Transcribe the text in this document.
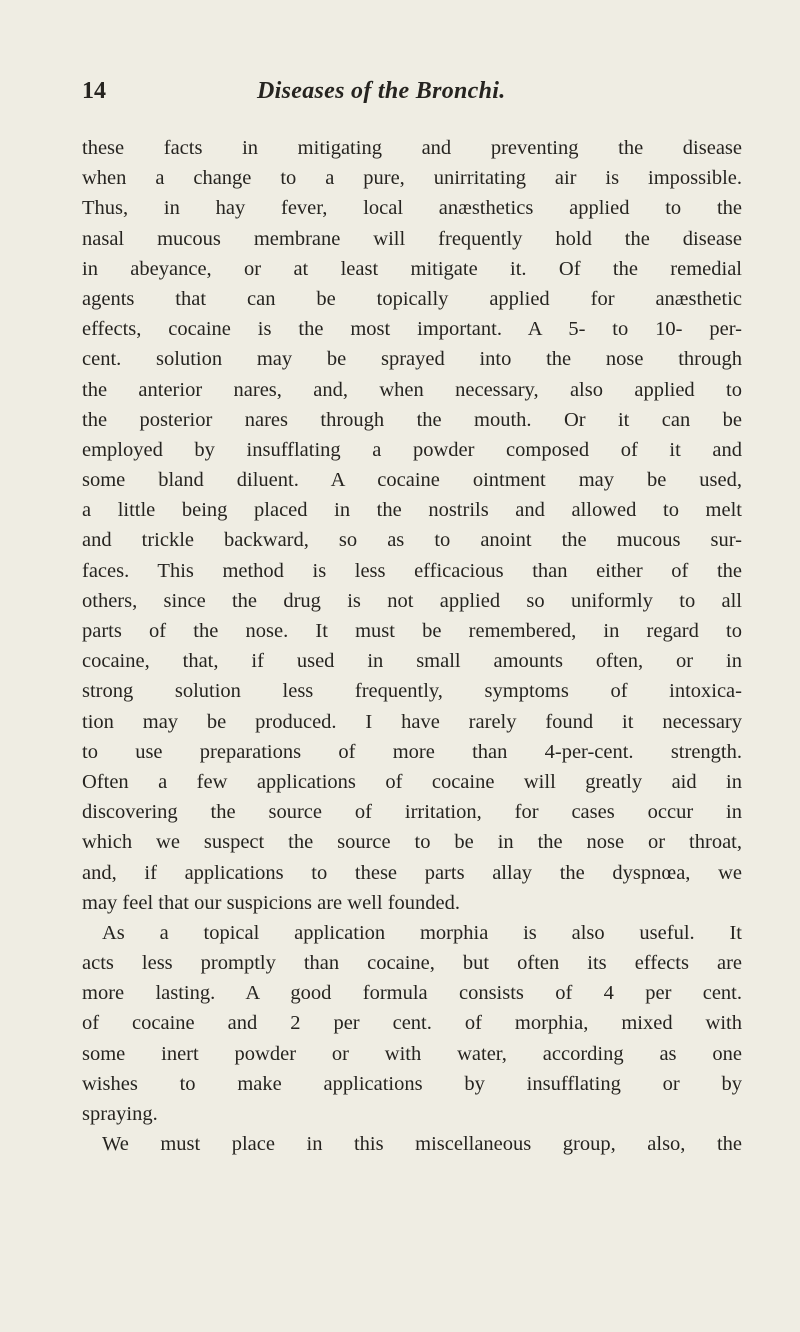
14	Diseases of the Bronchi.
these facts in mitigating and preventing the disease
when a change to a pure, unirritating air is impossible.
Thus, in hay fever, local anæsthetics applied to the
nasal mucous membrane will frequently hold the disease
in abeyance, or at least mitigate it. Of the remedial
agents that can be topically applied for anæsthetic
effects, cocaine is the most important. A 5- to 10- per-
cent. solution may be sprayed into the nose through
the anterior nares, and, when necessary, also applied to
the posterior nares through the mouth. Or it can be
employed by insufflating a powder composed of it and
some bland diluent. A cocaine ointment may be used,
a little being placed in the nostrils and allowed to melt
and trickle backward, so as to anoint the mucous sur-
faces. This method is less efficacious than either of the
others, since the drug is not applied so uniformly to all
parts of the nose. It must be remembered, in regard to
cocaine, that, if used in small amounts often, or in
strong solution less frequently, symptoms of intoxica-
tion may be produced. I have rarely found it necessary
to use preparations of more than 4-per-cent. strength.
Often a few applications of cocaine will greatly aid in
discovering the source of irritation, for cases occur in
which we suspect the source to be in the nose or throat,
and, if applications to these parts allay the dyspnœa, we
may feel that our suspicions are well founded.
As a topical application morphia is also useful. It
acts less promptly than cocaine, but often its effects are
more lasting. A good formula consists of 4 per cent.
of cocaine and 2 per cent. of morphia, mixed with
some inert powder or with water, according as one
wishes to make applications by insufflating or by
spraying.
We must place in this miscellaneous group, also, the
